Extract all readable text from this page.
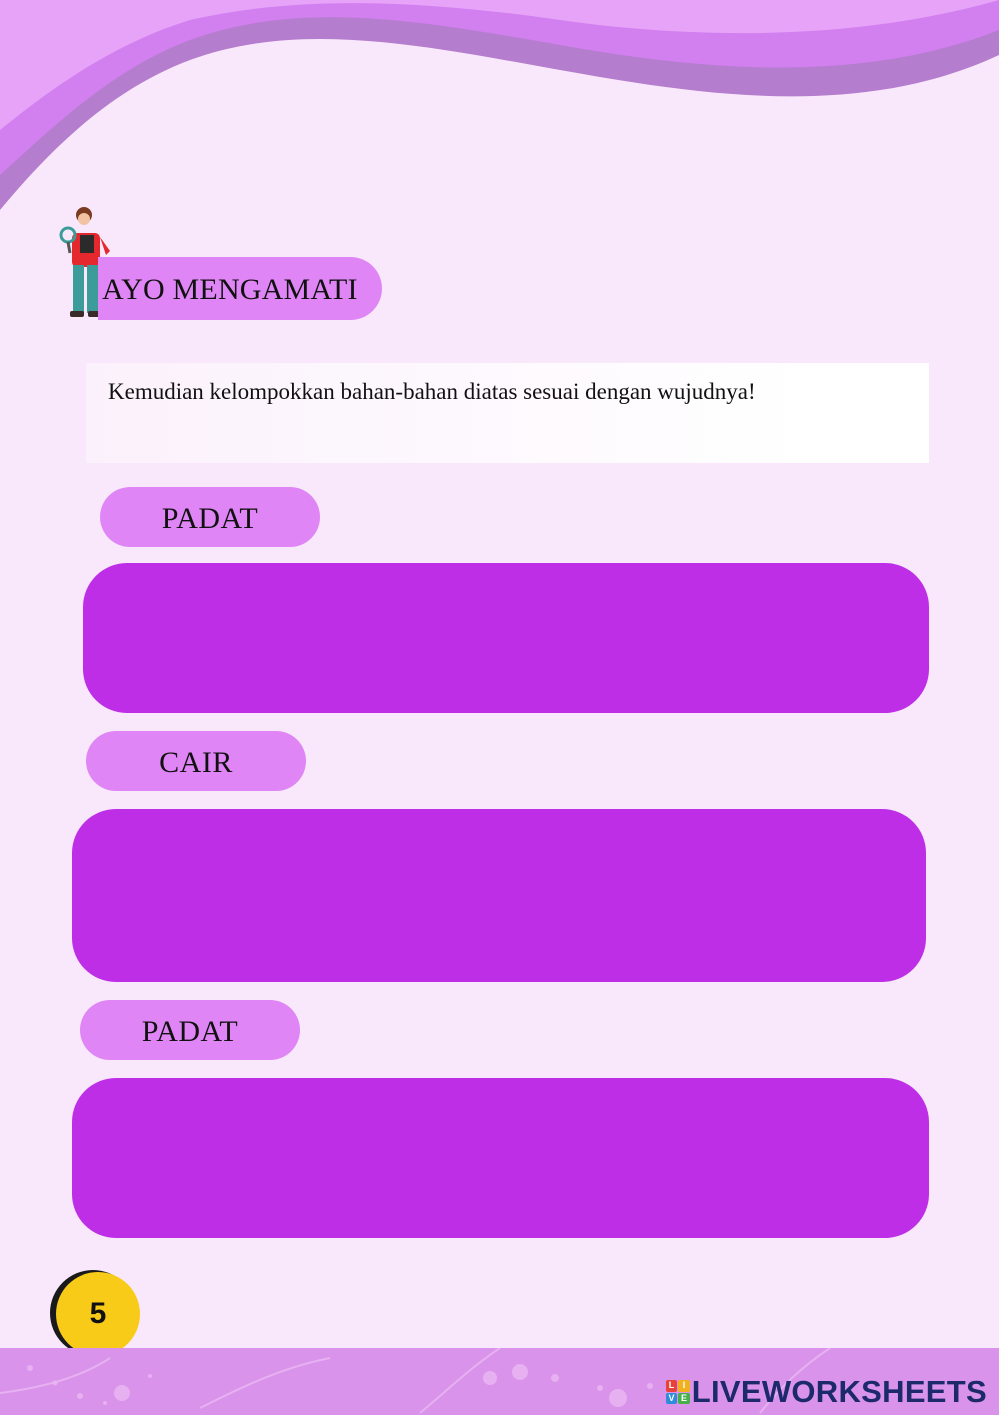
AYO MENGAMATI
Kemudian kelompokkan bahan-bahan diatas sesuai dengan wujudnya!
PADAT
CAIR
PADAT
5
L I
V E LIVEWORKSHEETS
